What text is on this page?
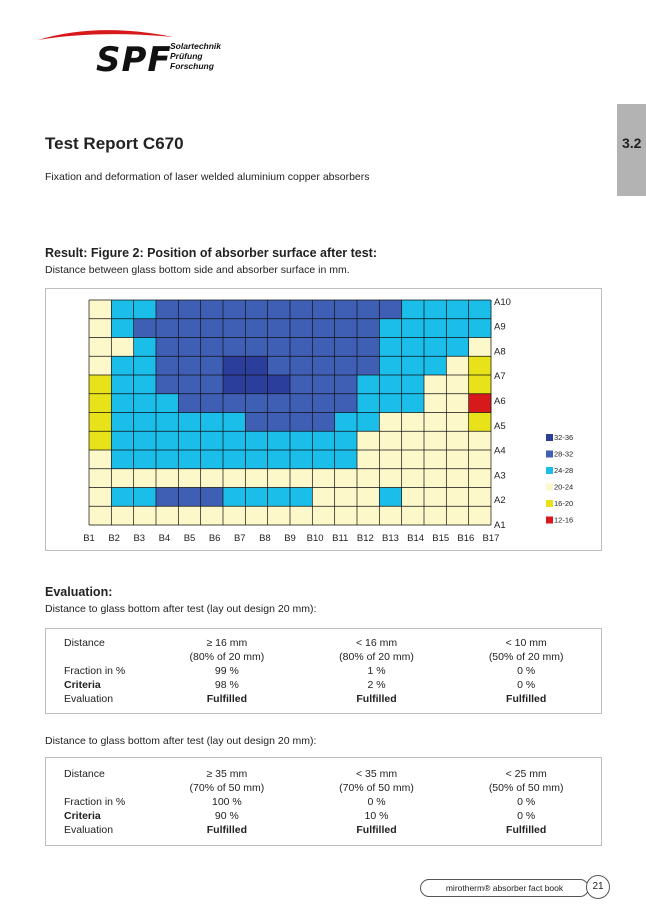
SPF
Solartechnik
Prüfung
Forschung
3.2
Test Report C670
Fixation and deformation of laser welded aluminium copper absorbers
Result: Figure 2: Position of absorber surface after test:
Distance between glass bottom side and absorber surface in mm.
B1 B2 B3 B4 B5 B6 B7 B8 B9 B10 B11 B12 B13 B14 B15 B16 B17
A1
A2
A3
A4
A5
A6
A7
A8
A9
A10
32-36
28-32
24-28
20-24
16-20
12-16
Evaluation:
Distance to glass bottom after test (lay out design 20 mm):
Distance	≥ 16 mm	< 16 mm	< 10 mm
	(80% of 20 mm)	(80% of 20 mm)	(50% of 20 mm)
Fraction in %	99 %	1 %	0 %
Criteria	98 %	2 %	0 %
Evaluation	Fulfilled	Fulfilled	Fulfilled
Distance to glass bottom after test (lay out design 20 mm):
Distance	≥ 35 mm	< 35 mm	< 25 mm
	(70% of 50 mm)	(70% of 50 mm)	(50% of 50 mm)
Fraction in %	100 %	0 %	0 %
Criteria	90 %	10 %	0 %
Evaluation	Fulfilled	Fulfilled	Fulfilled
mirotherm® absorber fact book	21
